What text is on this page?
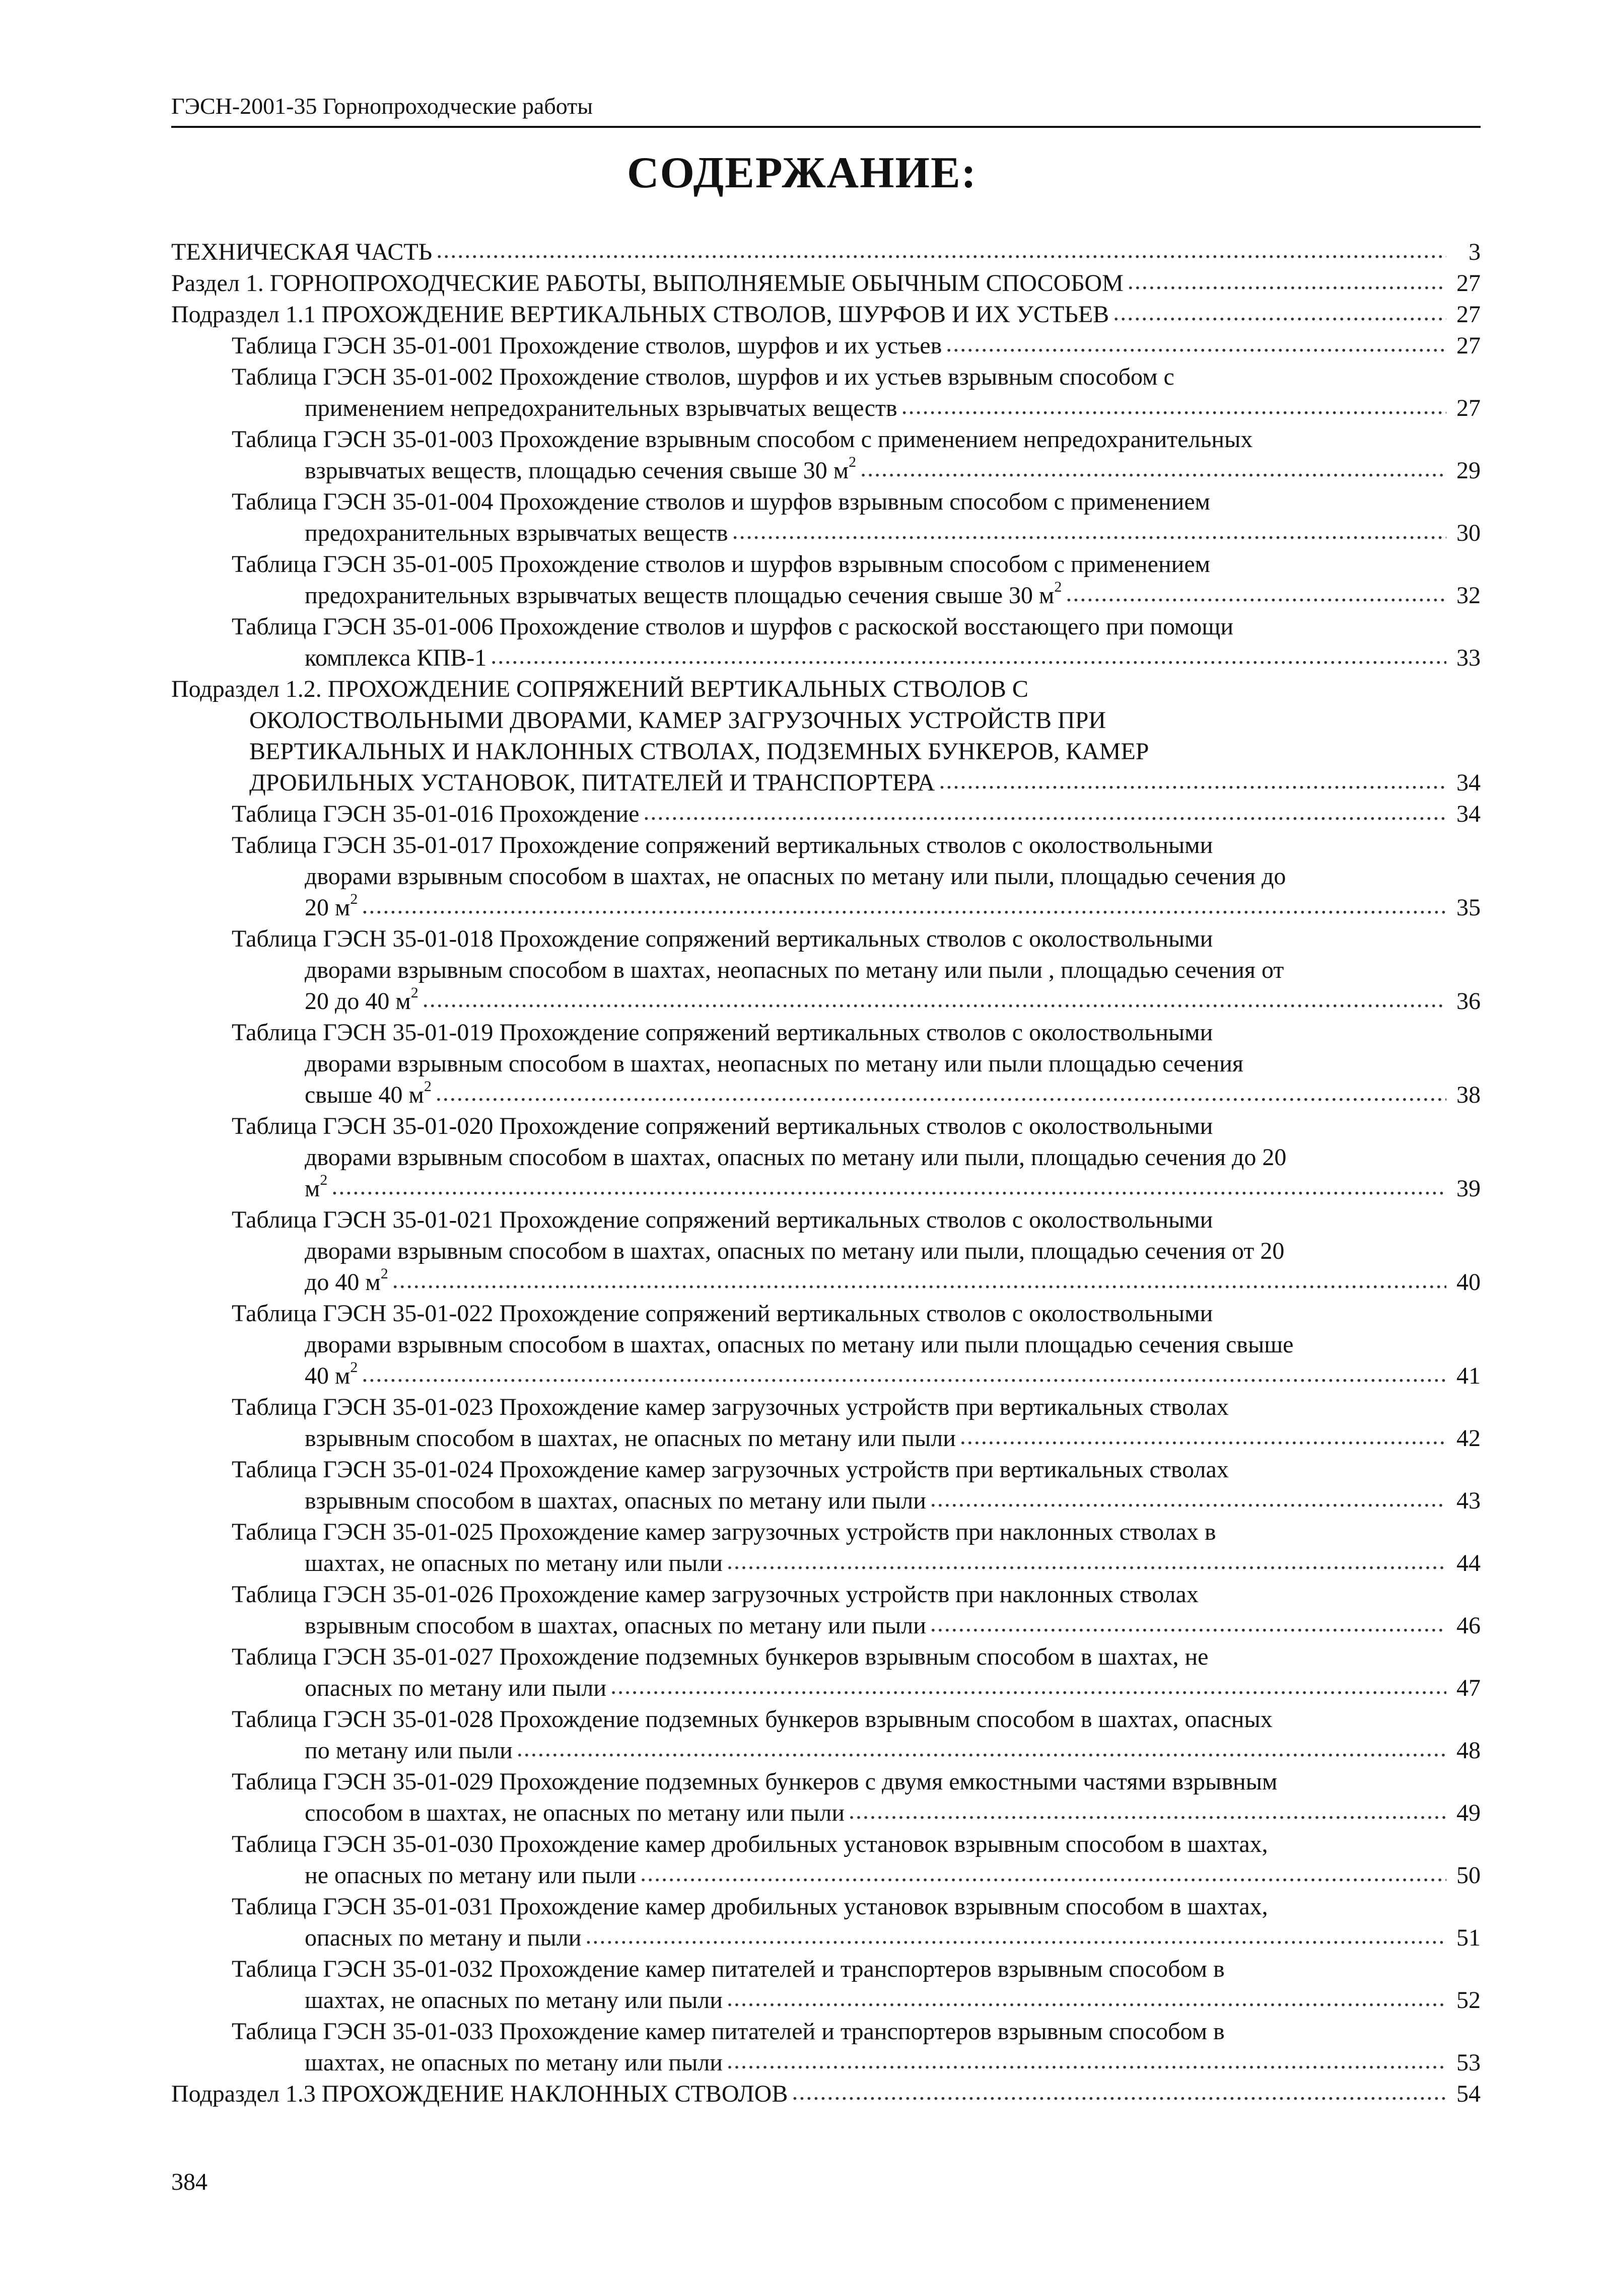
ГЭСН-2001-35 Горнопроходческие работы
СОДЕРЖАНИЕ:
ТЕХНИЧЕСКАЯ ЧАСТЬ .....	3
Раздел 1. ГОРНОПРОХОДЧЕСКИЕ РАБОТЫ, ВЫПОЛНЯЕМЫЕ ОБЫЧНЫМ СПОСОБОМ .....	27
Подраздел 1.1 ПРОХОЖДЕНИЕ ВЕРТИКАЛЬНЫХ СТВОЛОВ, ШУРФОВ И ИХ УСТЬЕВ .....	27
Таблица ГЭСН 35-01-001 Прохождение стволов, шурфов и их устьев .....	27
Таблица ГЭСН 35-01-002 Прохождение стволов, шурфов и их устьев взрывным способом с
применением непредохранительных взрывчатых веществ .....	27
Таблица ГЭСН 35-01-003 Прохождение взрывным способом с применением непредохранительных
взрывчатых веществ, площадью сечения свыше 30 $м^2$ .....	29
Таблица ГЭСН 35-01-004 Прохождение стволов и шурфов взрывным способом с применением
предохранительных взрывчатых веществ .....	30
Таблица ГЭСН 35-01-005 Прохождение стволов и шурфов взрывным способом с применением
предохранительных взрывчатых веществ площадью сечения свыше 30 $м^2$ .....	32
Таблица ГЭСН 35-01-006 Прохождение стволов и шурфов с раскоской восстающего при помощи
комплекса КПВ-1 .....	33
Подраздел 1.2. ПРОХОЖДЕНИЕ СОПРЯЖЕНИЙ ВЕРТИКАЛЬНЫХ СТВОЛОВ С
ОКОЛОСТВОЛЬНЫМИ ДВОРАМИ, КАМЕР ЗАГРУЗОЧНЫХ УСТРОЙСТВ ПРИ
ВЕРТИКАЛЬНЫХ И НАКЛОННЫХ СТВОЛАХ, ПОДЗЕМНЫХ БУНКЕРОВ, КАМЕР
ДРОБИЛЬНЫХ УСТАНОВОК, ПИТАТЕЛЕЙ И ТРАНСПОРТЕРА .....	34
Таблица ГЭСН 35-01-016 Прохождение .....	34
Таблица ГЭСН 35-01-017 Прохождение сопряжений вертикальных стволов с околоствольными
дворами взрывным способом в шахтах, не опасных по метану или пыли, площадью сечения до
20 $м^2$ .....	35
Таблица ГЭСН 35-01-018 Прохождение сопряжений вертикальных стволов с околоствольными
дворами взрывным способом в шахтах, неопасных по метану или пыли , площадью сечения от
20 до 40 $м^2$ .....	36
Таблица ГЭСН 35-01-019 Прохождение сопряжений вертикальных стволов с околоствольными
дворами взрывным способом в шахтах, неопасных по метану или пыли площадью сечения
свыше 40 $м^2$ .....	38
Таблица ГЭСН 35-01-020 Прохождение сопряжений вертикальных стволов с околоствольными
дворами взрывным способом в шахтах, опасных по метану или пыли, площадью сечения до 20
$м^2$ .....	39
Таблица ГЭСН 35-01-021 Прохождение сопряжений вертикальных стволов с околоствольными
дворами взрывным способом в шахтах, опасных по метану или пыли, площадью сечения от 20
до 40 $м^2$ .....	40
Таблица ГЭСН 35-01-022 Прохождение сопряжений вертикальных стволов с околоствольными
дворами взрывным способом в шахтах, опасных по метану или пыли площадью сечения свыше
40 $м^2$ .....	41
Таблица ГЭСН 35-01-023 Прохождение камер загрузочных устройств при вертикальных стволах
взрывным способом в шахтах, не опасных по метану или пыли .....	42
Таблица ГЭСН 35-01-024 Прохождение камер загрузочных устройств при вертикальных стволах
взрывным способом в шахтах, опасных по метану или пыли .....	43
Таблица ГЭСН 35-01-025 Прохождение камер загрузочных устройств при наклонных стволах в
шахтах, не опасных по метану или пыли .....	44
Таблица ГЭСН 35-01-026 Прохождение камер загрузочных устройств при наклонных стволах
взрывным способом в шахтах, опасных по метану или пыли .....	46
Таблица ГЭСН 35-01-027 Прохождение подземных бункеров взрывным способом в шахтах, не
опасных по метану или пыли .....	47
Таблица ГЭСН 35-01-028 Прохождение подземных бункеров взрывным способом в шахтах, опасных
по метану или пыли .....	48
Таблица ГЭСН 35-01-029 Прохождение подземных бункеров с двумя емкостными частями взрывным
способом в шахтах, не опасных по метану или пыли .....	49
Таблица ГЭСН 35-01-030 Прохождение камер дробильных установок взрывным способом в шахтах,
не опасных по метану или пыли .....	50
Таблица ГЭСН 35-01-031 Прохождение камер дробильных установок взрывным способом в шахтах,
опасных по метану и пыли .....	51
Таблица ГЭСН 35-01-032 Прохождение камер питателей и транспортеров взрывным способом в
шахтах, не опасных по метану или пыли .....	52
Таблица ГЭСН 35-01-033 Прохождение камер питателей и транспортеров взрывным способом в
шахтах, не опасных по метану или пыли .....	53
Подраздел 1.3 ПРОХОЖДЕНИЕ НАКЛОННЫХ СТВОЛОВ .....	54
384
